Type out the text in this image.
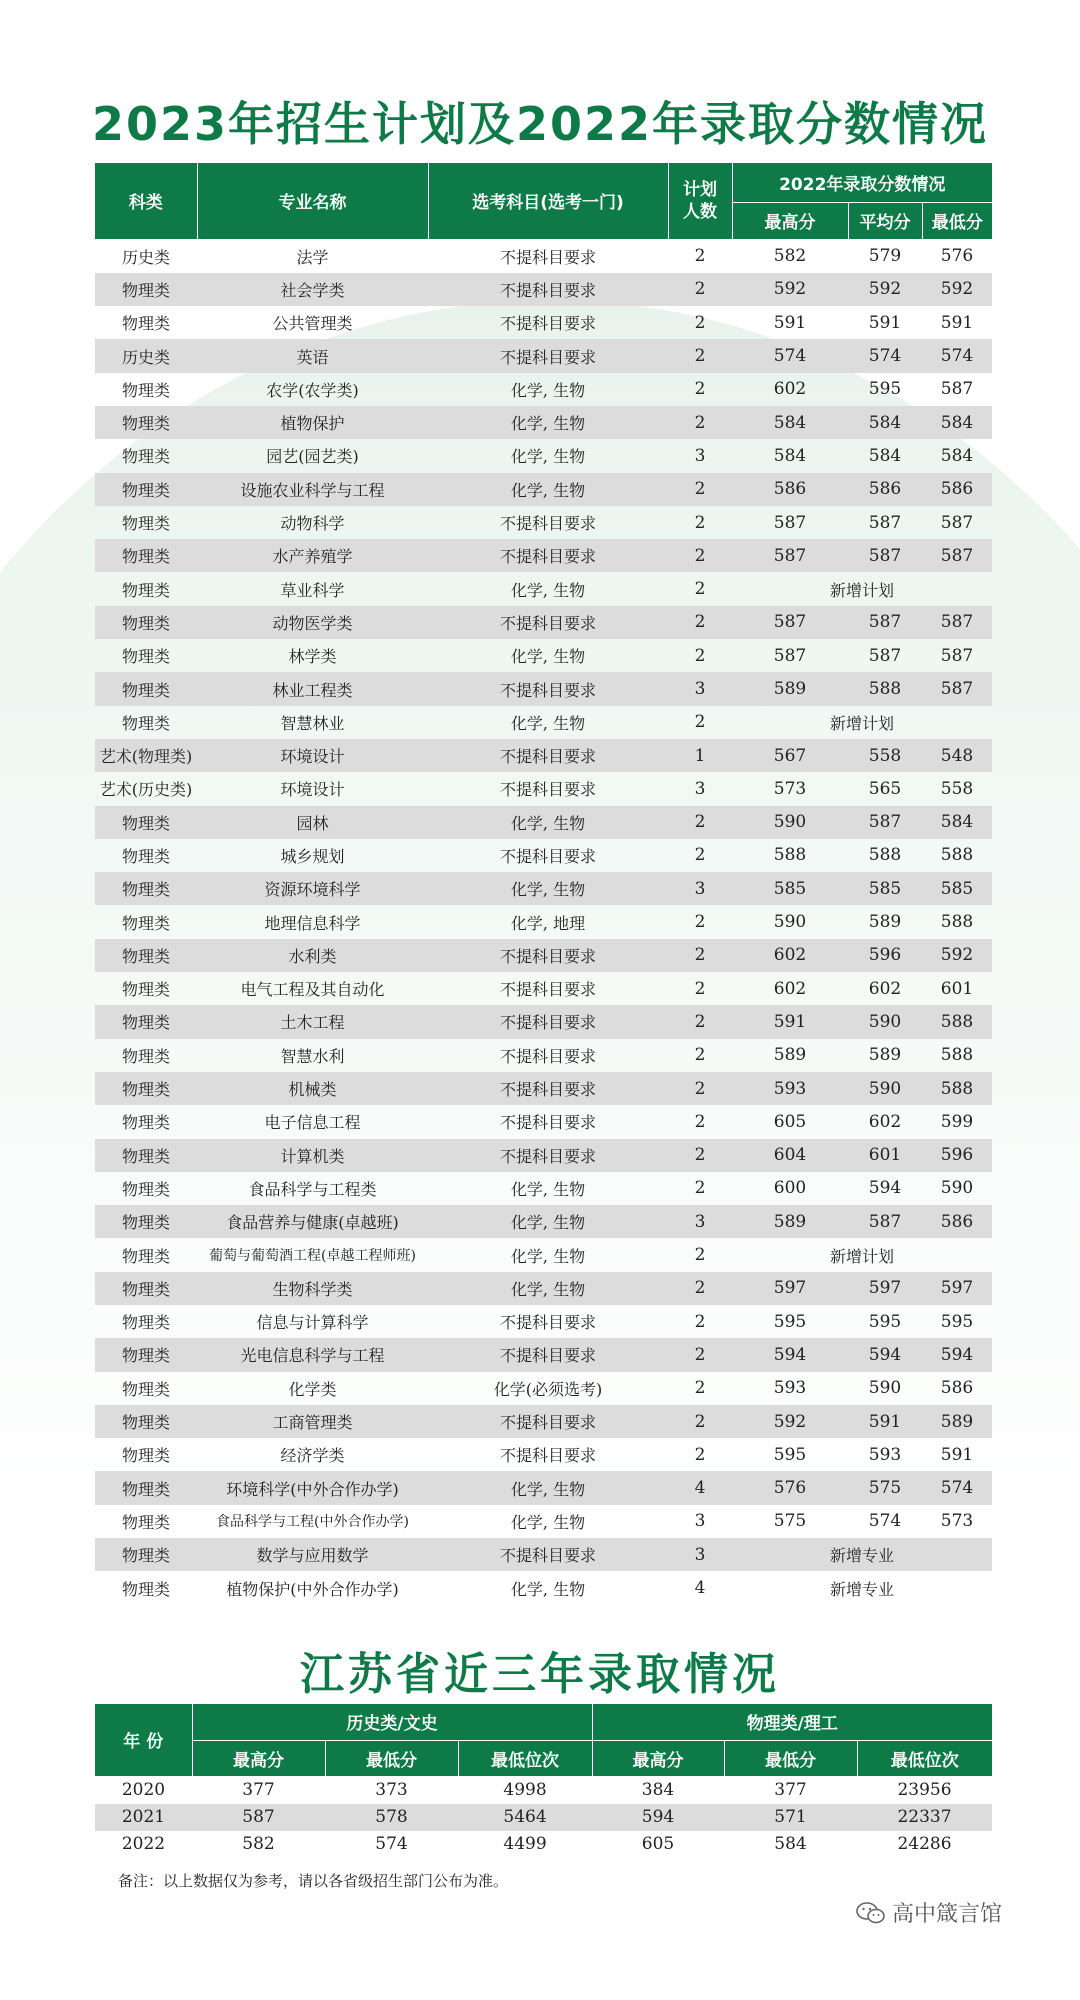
2023年招生计划及2022年录取分数情况
科类	专业名称	选考科目(选考一门)	计划
人数	2022年录取分数情况		
				最高分	平均分	最低分
历史类	法学	不提科目要求	2	582	579	576
物理类	社会学类	不提科目要求	2	592	592	592
物理类	公共管理类	不提科目要求	2	591	591	591
历史类	英语	不提科目要求	2	574	574	574
物理类	农学(农学类)	化学, 生物	2	602	595	587
物理类	植物保护	化学, 生物	2	584	584	584
物理类	园艺(园艺类)	化学, 生物	3	584	584	584
物理类	设施农业科学与工程	化学, 生物	2	586	586	586
物理类	动物科学	不提科目要求	2	587	587	587
物理类	水产养殖学	不提科目要求	2	587	587	587
物理类	草业科学	化学, 生物	2	新增计划		
物理类	动物医学类	不提科目要求	2	587	587	587
物理类	林学类	化学, 生物	2	587	587	587
物理类	林业工程类	不提科目要求	3	589	588	587
物理类	智慧林业	化学, 生物	2	新增计划		
艺术(物理类)	环境设计	不提科目要求	1	567	558	548
艺术(历史类)	环境设计	不提科目要求	3	573	565	558
物理类	园林	化学, 生物	2	590	587	584
物理类	城乡规划	不提科目要求	2	588	588	588
物理类	资源环境科学	化学, 生物	3	585	585	585
物理类	地理信息科学	化学, 地理	2	590	589	588
物理类	水利类	不提科目要求	2	602	596	592
物理类	电气工程及其自动化	不提科目要求	2	602	602	601
物理类	土木工程	不提科目要求	2	591	590	588
物理类	智慧水利	不提科目要求	2	589	589	588
物理类	机械类	不提科目要求	2	593	590	588
物理类	电子信息工程	不提科目要求	2	605	602	599
物理类	计算机类	不提科目要求	2	604	601	596
物理类	食品科学与工程类	化学, 生物	2	600	594	590
物理类	食品营养与健康(卓越班)	化学, 生物	3	589	587	586
物理类	葡萄与葡萄酒工程(卓越工程师班)	化学, 生物	2	新增计划		
物理类	生物科学类	化学, 生物	2	597	597	597
物理类	信息与计算科学	不提科目要求	2	595	595	595
物理类	光电信息科学与工程	不提科目要求	2	594	594	594
物理类	化学类	化学(必须选考)	2	593	590	586
物理类	工商管理类	不提科目要求	2	592	591	589
物理类	经济学类	不提科目要求	2	595	593	591
物理类	环境科学(中外合作办学)	化学, 生物	4	576	575	574
物理类	食品科学与工程(中外合作办学)	化学, 生物	3	575	574	573
物理类	数学与应用数学	不提科目要求	3	新增专业		
物理类	植物保护(中外合作办学)	化学, 生物	4	新增专业		
江苏省近三年录取情况
年 份	历史类/文史			物理类/理工		
	最高分	最低分	最低位次	最高分	最低分	最低位次
2020	377	373	4998	384	377	23956
2021	587	578	5464	594	571	22337
2022	582	574	4499	605	584	24286
备注：以上数据仅为参考，请以各省级招生部门公布为准。
高中箴言馆
